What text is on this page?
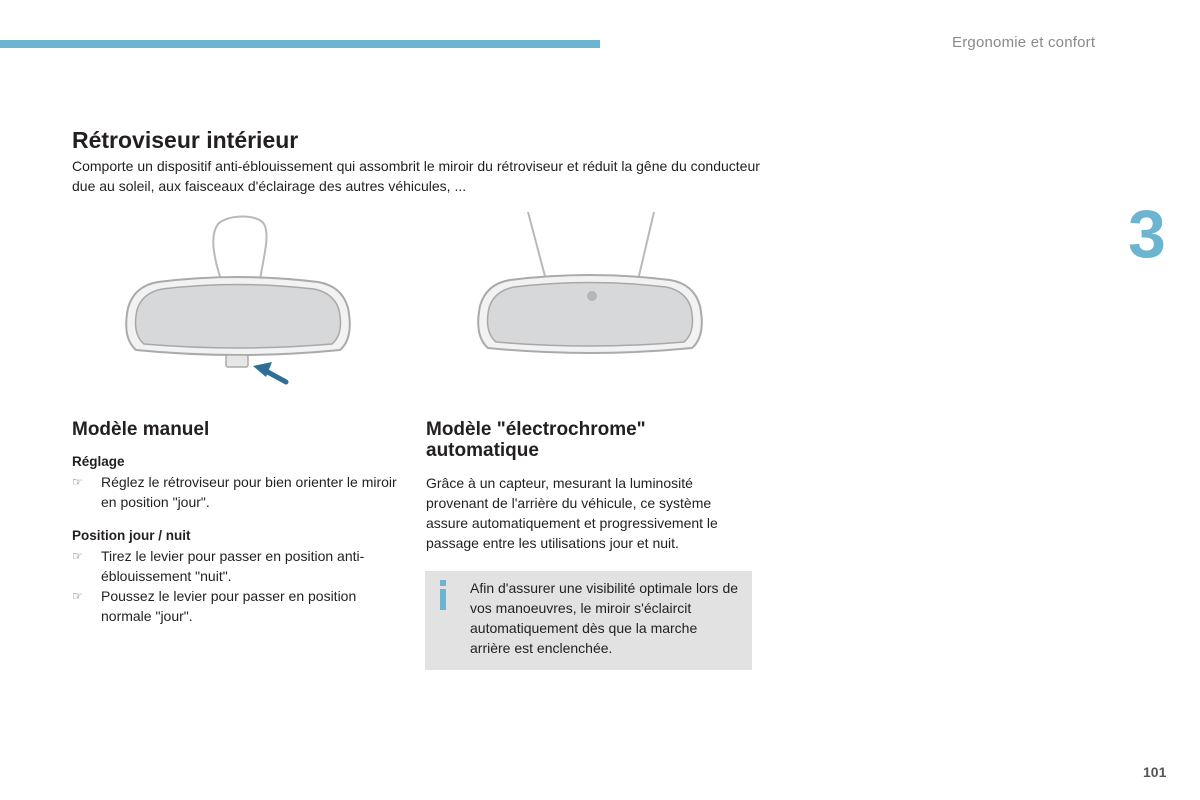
Ergonomie et confort
3
Rétroviseur intérieur

Comporte un dispositif anti-éblouissement qui assombrit le miroir du rétroviseur et réduit la gêne du conducteur due au soleil, aux faisceaux d'éclairage des autres véhicules, ...

Modèle manuel
Réglage
☞ Réglez le rétroviseur pour bien orienter le miroir en position "jour".
Position jour / nuit
☞ Tirez le levier pour passer en position anti-éblouissement "nuit".
☞ Poussez le levier pour passer en position normale "jour".
Modèle "électrochrome" automatique

Grâce à un capteur, mesurant la luminosité provenant de l'arrière du véhicule, ce système assure automatiquement et progressivement le passage entre les utilisations jour et nuit.

Afin d'assurer une visibilité optimale lors de vos manoeuvres, le miroir s'éclaircit automatiquement dès que la marche arrière est enclenchée.

101
